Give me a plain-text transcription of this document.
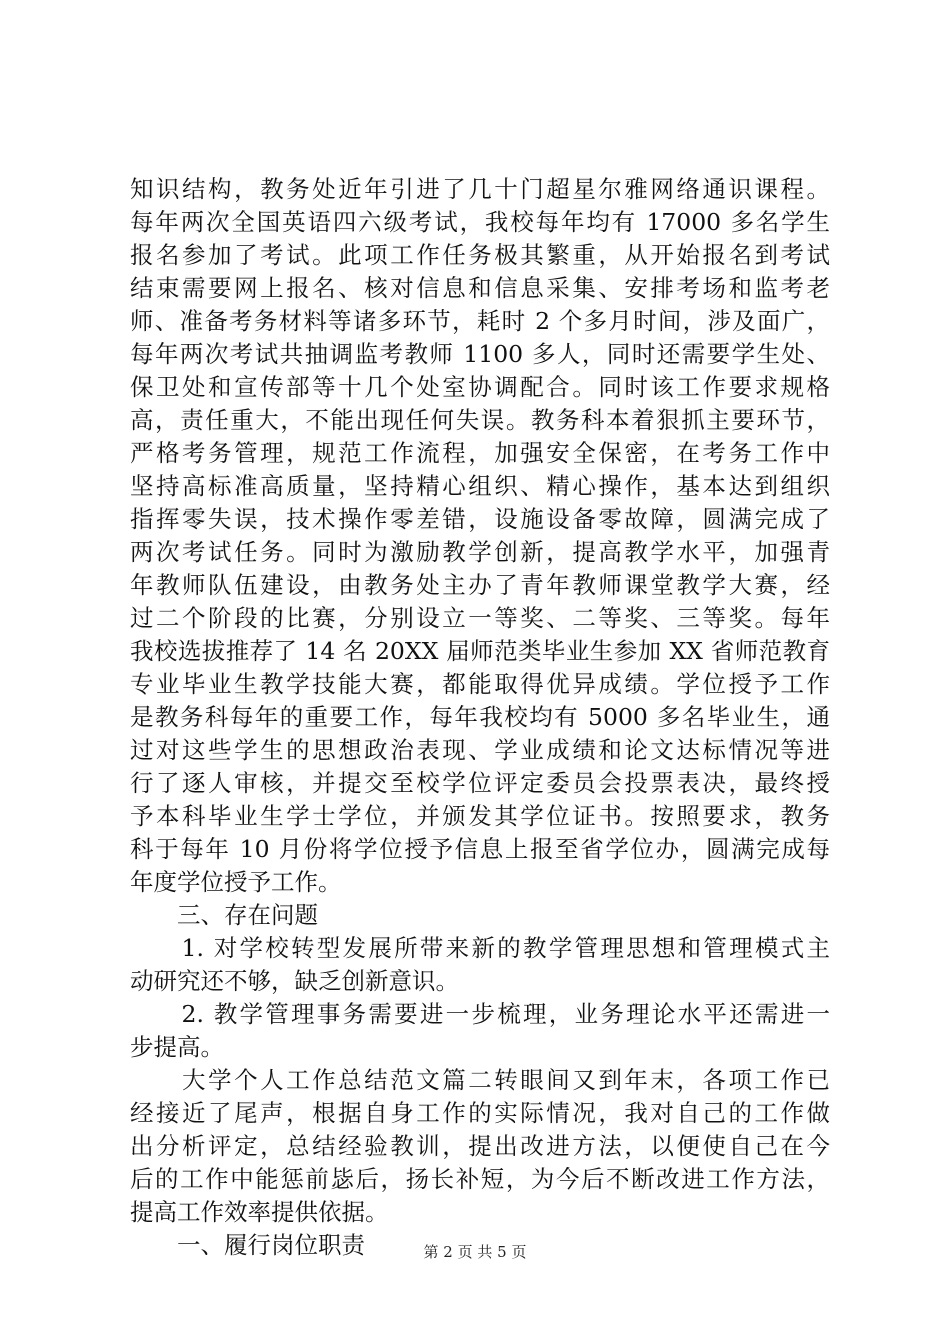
知识结构，教务处近年引进了几十门超星尔雅网络通识课程。
每年两次全国英语四六级考试，我校每年均有 17000 多名学生
报名参加了考试。此项工作任务极其繁重，从开始报名到考试
结束需要网上报名、核对信息和信息采集、安排考场和监考老
师、准备考务材料等诸多环节，耗时 2 个多月时间，涉及面广，
每年两次考试共抽调监考教师 1100 多人，同时还需要学生处、
保卫处和宣传部等十几个处室协调配合。同时该工作要求规格
高，责任重大，不能出现任何失误。教务科本着狠抓主要环节，
严格考务管理，规范工作流程，加强安全保密，在考务工作中
坚持高标准高质量，坚持精心组织、精心操作，基本达到组织
指挥零失误，技术操作零差错，设施设备零故障，圆满完成了
两次考试任务。同时为激励教学创新，提高教学水平，加强青
年教师队伍建设，由教务处主办了青年教师课堂教学大赛，经
过二个阶段的比赛，分别设立一等奖、二等奖、三等奖。每年
我校选拔推荐了 14 名 20XX 届师范类毕业生参加 XX 省师范教育
专业毕业生教学技能大赛，都能取得优异成绩。学位授予工作
是教务科每年的重要工作，每年我校均有 5000 多名毕业生，通
过对这些学生的思想政治表现、学业成绩和论文达标情况等进
行了逐人审核，并提交至校学位评定委员会投票表决，最终授
予本科毕业生学士学位，并颁发其学位证书。按照要求，教务
科于每年 10 月份将学位授予信息上报至省学位办，圆满完成每
年度学位授予工作。
　　三、存在问题
　　1. 对学校转型发展所带来新的教学管理思想和管理模式主
动研究还不够，缺乏创新意识。
　　2. 教学管理事务需要进一步梳理，业务理论水平还需进一
步提高。
　　大学个人工作总结范文篇二转眼间又到年末，各项工作已
经接近了尾声，根据自身工作的实际情况，我对自己的工作做
出分析评定，总结经验教训，提出改进方法，以便使自己在今
后的工作中能惩前毖后，扬长补短，为今后不断改进工作方法，
提高工作效率提供依据。
　　一、履行岗位职责	第 2 页 共 5 页
